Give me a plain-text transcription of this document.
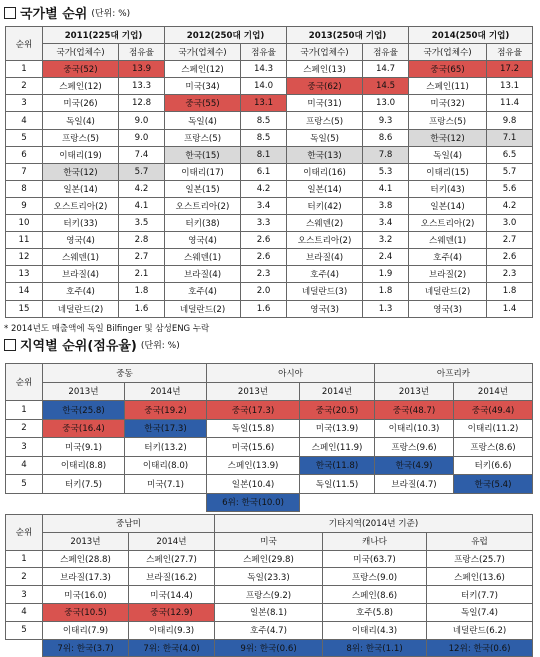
국가별 순위 (단위: %)
순위	2011(225대 기업)		2012(250대 기업)		2013(250대 기업)		2014(250대 기업)	
	국가(업체수)	점유율	국가(업체수)	점유율	국가(업체수)	점유율	국가(업체수)	점유율
1	중국(52)	13.9	스페인(12)	14.3	스페인(13)	14.7	중국(65)	17.2
2	스페인(12)	13.3	미국(34)	14.0	중국(62)	14.5	스페인(11)	13.1
3	미국(26)	12.8	중국(55)	13.1	미국(31)	13.0	미국(32)	11.4
4	독일(4)	9.0	독일(4)	8.5	프랑스(5)	9.3	프랑스(5)	9.8
5	프랑스(5)	9.0	프랑스(5)	8.5	독일(5)	8.6	한국(12)	7.1
6	이태리(19)	7.4	한국(15)	8.1	한국(13)	7.8	독일(4)	6.5
7	한국(12)	5.7	이태리(17)	6.1	이태리(16)	5.3	이태리(15)	5.7
8	일본(14)	4.2	일본(15)	4.2	일본(14)	4.1	터키(43)	5.6
9	오스트리아(2)	4.1	오스트리아(2)	3.4	터키(42)	3.8	일본(14)	4.2
10	터키(33)	3.5	터키(38)	3.3	스웨덴(2)	3.4	오스트리아(2)	3.0
11	영국(4)	2.8	영국(4)	2.6	오스트리아(2)	3.2	스웨덴(1)	2.7
12	스웨덴(1)	2.7	스웨덴(1)	2.6	브라질(4)	2.4	호주(4)	2.6
13	브라질(4)	2.1	브라질(4)	2.3	호주(4)	1.9	브라질(2)	2.3
14	호주(4)	1.8	호주(4)	2.0	네덜란드(3)	1.8	네덜란드(2)	1.8
15	네덜란드(2)	1.6	네덜란드(2)	1.6	영국(3)	1.3	영국(3)	1.4
* 2014년도 매출액에 독일 Bilfinger 및 삼성ENG 누락
지역별 순위(점유율) (단위: %)
순위	중동		아시아		아프리카	
	2013년	2014년	2013년	2014년	2013년	2014년
1	한국(25.8)	중국(19.2)	중국(17.3)	중국(20.5)	중국(48.7)	중국(49.4)
2	중국(16.4)	한국(17.3)	독일(15.8)	미국(13.9)	이태리(10.3)	이태리(11.2)
3	미국(9.1)	터키(13.2)	미국(15.6)	스페인(11.9)	프랑스(9.6)	프랑스(8.6)
4	이태리(8.8)	이태리(8.0)	스페인(13.9)	한국(11.8)	한국(4.9)	터키(6.6)
5	터키(7.5)	미국(7.1)	일본(10.4)	독일(11.5)	브라질(4.7)	한국(5.4)
			6위: 한국(10.0)			
순위	중남미		기타지역(2014년 기준)		
	2013년	2014년	미국	캐나다	유럽
1	스페인(28.8)	스페인(27.7)	스페인(29.8)	미국(63.7)	프랑스(25.7)
2	브라질(17.3)	브라질(16.2)	독일(23.3)	프랑스(9.0)	스페인(13.6)
3	미국(16.0)	미국(14.4)	프랑스(9.2)	스페인(8.6)	터키(7.7)
4	중국(10.5)	중국(12.9)	일본(8.1)	호주(5.8)	독일(7.4)
5	이태리(7.9)	이태리(9.3)	호주(4.7)	이태리(4.3)	네덜란드(6.2)
	7위: 한국(3.7)	7위: 한국(4.0)	9위: 한국(0.6)	8위: 한국(1.1)	12위: 한국(0.6)
